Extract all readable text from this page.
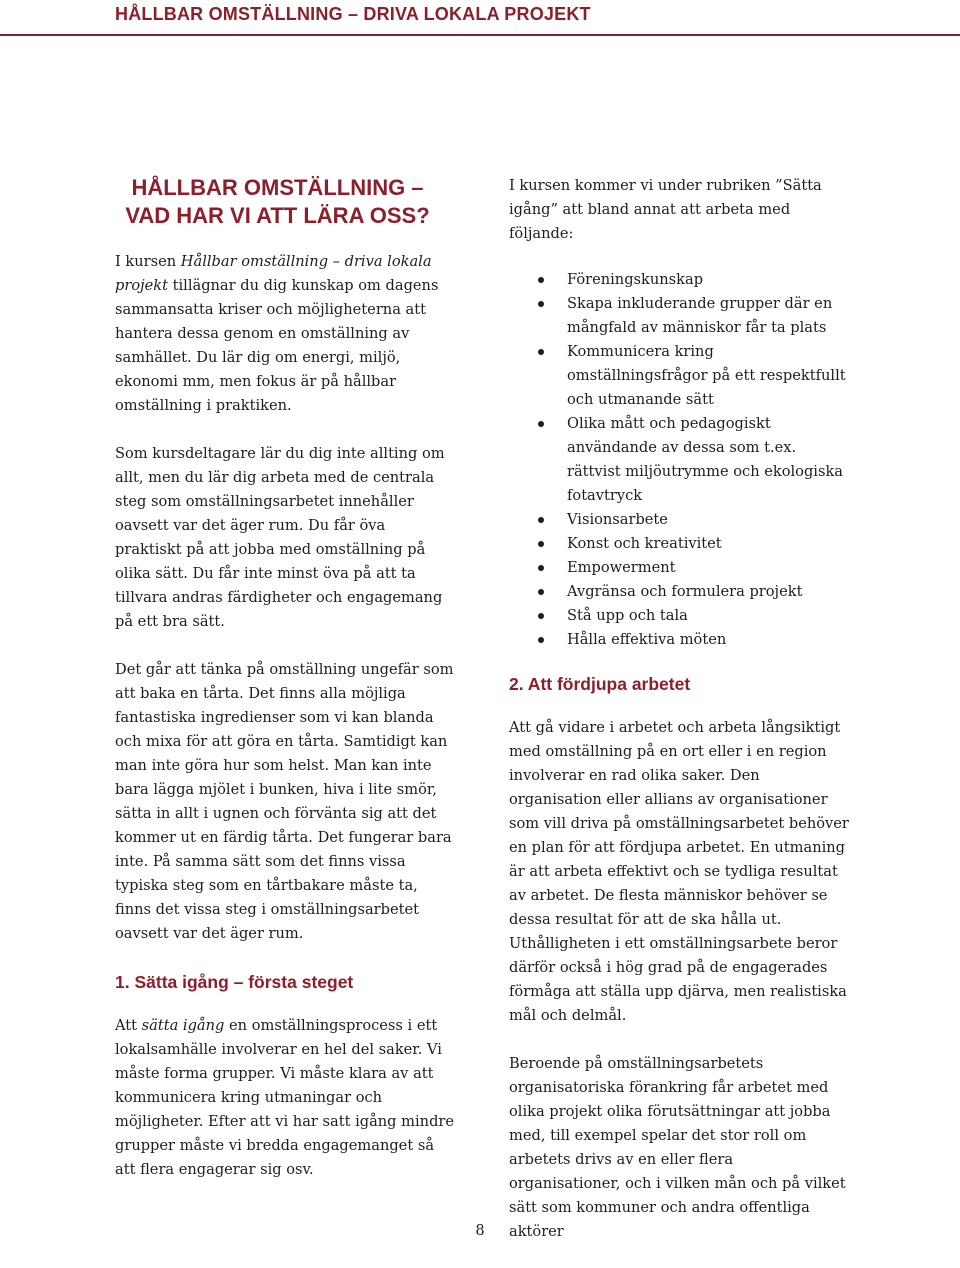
HÅLLBAR OMSTÄLLNING – DRIVA LOKALA PROJEKT
HÅLLBAR OMSTÄLLNING – VAD HAR VI ATT LÄRA OSS?

I kursen Hållbar omställning – driva lokala projekt tillägnar du dig kunskap om dagens sammansatta kriser och möjligheterna att hantera dessa genom en omställning av samhället. Du lär dig om energi, miljö, ekonomi mm, men fokus är på hållbar omställning i praktiken.

Som kursdeltagare lär du dig inte allting om allt, men du lär dig arbeta med de centrala steg som omställningsarbetet innehåller oavsett var det äger rum. Du får öva praktiskt på att jobba med omställning på olika sätt. Du får inte minst öva på att ta tillvara andras färdigheter och engagemang på ett bra sätt.

Det går att tänka på omställning ungefär som att baka en tårta. Det finns alla möjliga fantastiska ingredienser som vi kan blanda och mixa för att göra en tårta. Samtidigt kan man inte göra hur som helst. Man kan inte bara lägga mjölet i bunken, hiva i lite smör, sätta in allt i ugnen och förvänta sig att det kommer ut en färdig tårta. Det fungerar bara inte. På samma sätt som det finns vissa typiska steg som en tårtbakare måste ta, finns det vissa steg i omställningsarbetet oavsett var det äger rum.

1. Sätta igång – första steget

Att sätta igång en omställningsprocess i ett lokalsamhälle involverar en hel del saker. Vi måste forma grupper. Vi måste klara av att kommunicera kring utmaningar och möjligheter. Efter att vi har satt igång mindre grupper måste vi bredda engagemanget så att flera engagerar sig osv.

I kursen kommer vi under rubriken ”Sätta igång” att bland annat att arbeta med följande:

Föreningskunskap
Skapa inkluderande grupper där en mångfald av människor får ta plats
Kommunicera kring omställningsfrågor på ett respektfullt och utmanande sätt
Olika mått och pedagogiskt användande av dessa som t.ex. rättvist miljöutrymme och ekologiska fotavtryck
Visionsarbete
Konst och kreativitet
Empowerment
Avgränsa och formulera projekt
Stå upp och tala
Hålla effektiva möten
2. Att fördjupa arbetet

Att gå vidare i arbetet och arbeta långsiktigt med omställning på en ort eller i en region involverar en rad olika saker. Den organisation eller allians av organisationer som vill driva på omställningsarbetet behöver en plan för att fördjupa arbetet. En utmaning är att arbeta effektivt och se tydliga resultat av arbetet. De flesta människor behöver se dessa resultat för att de ska hålla ut. Uthålligheten i ett omställningsarbete beror därför också i hög grad på de engagerades förmåga att ställa upp djärva, men realistiska mål och delmål.

Beroende på omställningsarbetets organisatoriska förankring får arbetet med olika projekt olika förutsättningar att jobba med, till exempel spelar det stor roll om arbetets drivs av en eller flera organisationer, och i vilken mån och på vilket sätt som kommuner och andra offentliga aktörer

8
